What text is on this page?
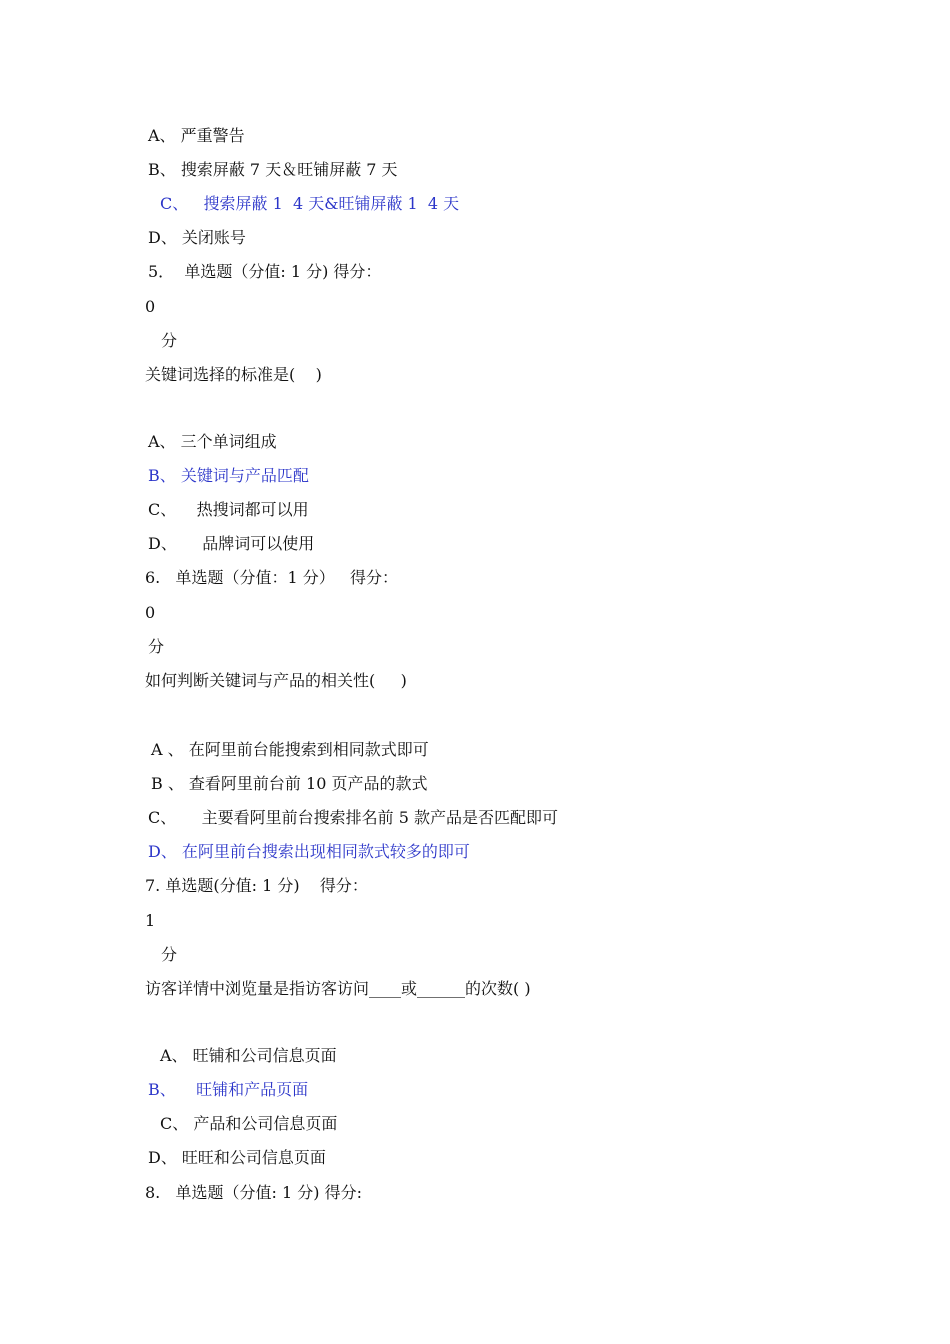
A、 严重警告
B、 搜索屏蔽 7 天＆旺铺屏蔽 7 天
C、   搜索屏蔽 1  4 天&旺铺屏蔽 1  4 天
D、 关闭账号
5．  单选题（分值: 1 分) 得分：
0
分
关键词选择的标准是(    )
A、 三个单词组成
B、 关键词与产品匹配
C、    热搜词都可以用
D、     品牌词可以使用
6.   单选题（分值：1 分）   得分：
0
分
如何判断关键词与产品的相关性(     )
A 、 在阿里前台能搜索到相同款式即可
B 、 查看阿里前台前 10 页产品的款式
C、     主要看阿里前台搜索排名前 5 款产品是否匹配即可
D、 在阿里前台搜索出现相同款式较多的即可
7. 单选题(分值: 1 分)    得分：
1
分
访客详情中浏览量是指访客访问____或______的次数( )
A、 旺铺和公司信息页面
B、    旺铺和产品页面
C、 产品和公司信息页面
D、 旺旺和公司信息页面
8.   单选题（分值: 1 分) 得分:
